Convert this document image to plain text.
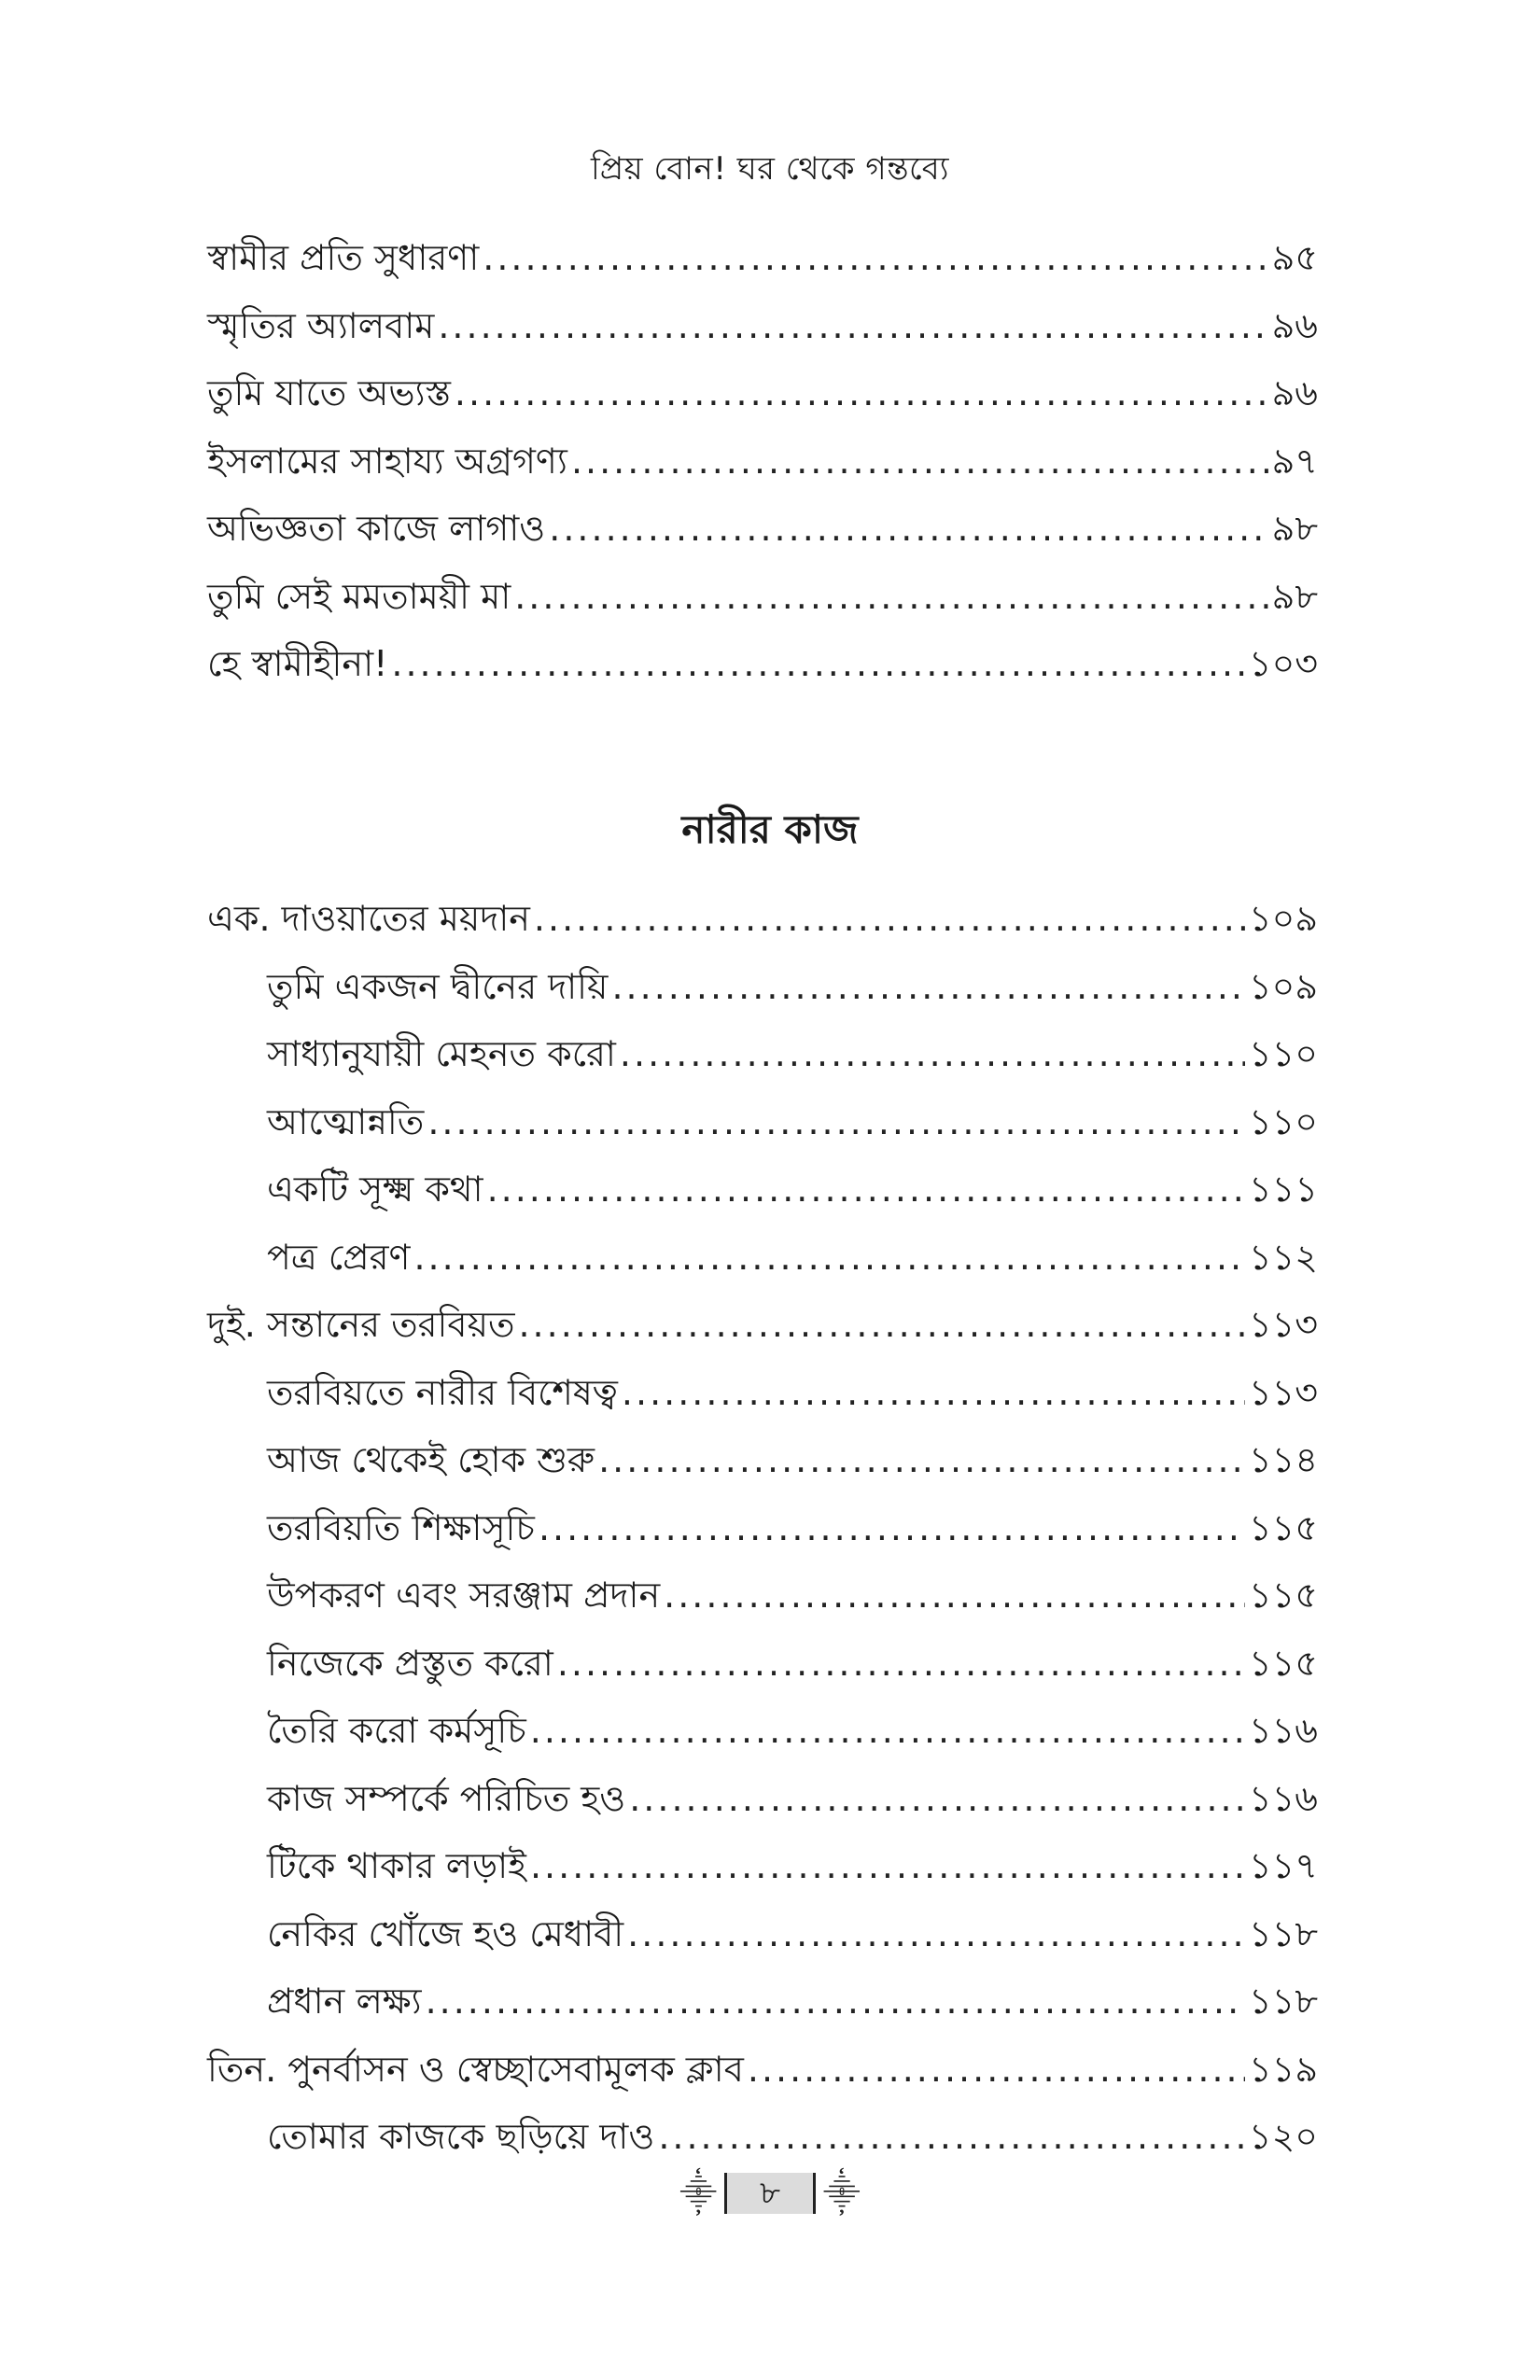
প্রিয় বোন! ঘর থেকে গন্তব্যে
স্বামীর প্রতি সুধারণা .....	৯৫
স্মৃতির অ্যালবাম .....	৯৬
তুমি যাতে অভ্যস্ত .....	৯৬
ইসলামের সাহায্য অগ্রগণ্য .....	৯৭
অভিজ্ঞতা কাজে লাগাও .....	৯৮
তুমি সেই মমতাময়ী মা .....	৯৮
হে স্বামীহীনা! .....	১০৩
নারীর কাজ
এক. দাওয়াতের ময়দান .....	১০৯
তুমি একজন দ্বীনের দায়ি .....	১০৯
সাধ্যানুযায়ী মেহনত করো .....	১১০
আত্মোন্নতি .....	১১০
একটি সূক্ষ্ম কথা .....	১১১
পত্র প্রেরণ .....	১১২
দুই. সন্তানের তরবিয়ত .....	১১৩
তরবিয়তে নারীর বিশেষত্ব .....	১১৩
আজ থেকেই হোক শুরু .....	১১৪
তরবিয়তি শিক্ষাসূচি .....	১১৫
উপকরণ এবং সরঞ্জাম প্রদান .....	১১৫
নিজেকে প্রস্তুত করো .....	১১৫
তৈরি করো কর্মসূচি .....	১১৬
কাজ সম্পর্কে পরিচিত হও .....	১১৬
টিকে থাকার লড়াই .....	১১৭
নেকির খোঁজে হও মেধাবী .....	১১৮
প্রধান লক্ষ্য .....	১১৮
তিন. পুনর্বাসন ও স্বেচ্ছাসেবামূলক ক্লাব .....	১১৯
তোমার কাজকে ছড়িয়ে দাও .....	১২০
⸎	৮	⸎
